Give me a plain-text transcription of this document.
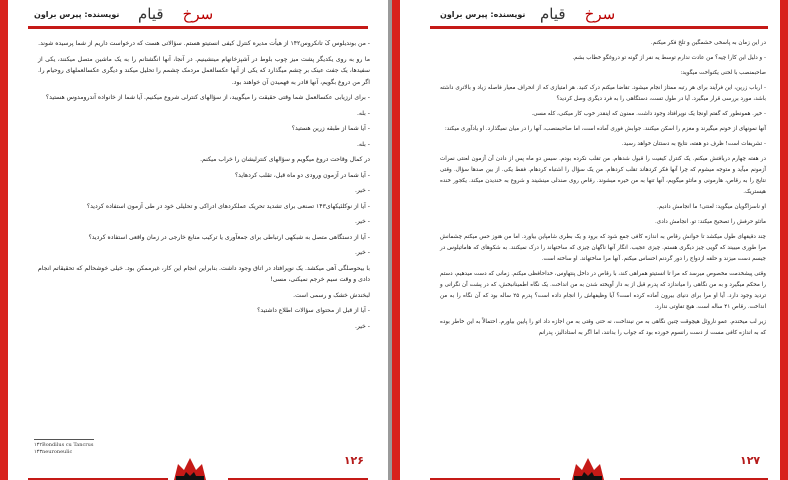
نویسنده: پیرس براون	سرخ    قیام

- من بوندیلوس کَ تانکروس۱۴۲ از هیأت مدیره کنترل کیفی انستیتو هستم. سؤالاتی هست که درخواست داریم از شما پرسیده شوند.

ما رو به روی یکدیگر پشت میز چوب بلوط در آشپزخانهام مینشینیم. در آنجا، آنها انگشتانم را به یک ماشین متصل میکنند، یکی از سفیدها، یک جفت عینک بر چشم میگذارد که یکی از آنها عکسالعمل مردمک چشمم را تحلیل میکند و دیگری عکسالعملهای روحیام را. اگر من دروغ بگویم، آنها قادر به فهمیدن آن خواهند بود.

- برای ارزیابی عکسالعمل شما وقتی حقیقت را میگویید، از سؤالهای کنترلی شروع میکنیم. آیا شما از خانواده آندرومدوس هستید؟

- بله.

- آیا شما از طبقه زرین هستید؟

- بله.

در کمال وقاحت دروغ میگویم و سؤالهای کنترلیشان را خراب میکنم.

- آیا شما در آزمون ورودی دو ماه قبل، تقلب کردهاید؟

- خیر.

- آیا از نوکلئیکهای۱۴۳ تصنعی برای تشدید تحریک عملکردهای ادراکی و تحلیلی خود در طی آزمون استفاده کردید؟

- خیر.

- آیا از دستگاهی متصل به شبکهی ارتباطی برای جمعآوری یا ترکیب منابع خارجی در زمان واقعی استفاده کردید؟

- خیر.

با بیحوصلگی آهی میکشد. یک نوپرافتاد در اتاق وجود داشت. بنابراین انجام این کار، غیرممکن بود. خیلی خوشحالم که تحقیقاتم انجام دادی و وقت سیم خرجم نمیکنی، مسی!

لبخندش خشک و رسمی است.

- آیا از قبل از محتوای سؤالات اطلاع داشتید؟

- خیر.

۱۴۲Bondilus cu Tancrus
۱۴۳neuroneulic
۱۲۶
نویسنده: پیرس براون	سرخ    قیام

در این زمان به پاسخی خشمگین و تلخ فکر میکنم.

- و دلیل این کارا چیه؟ من عادت ندارم توسط یه نفر از گونه تو دروغگو خطاب بشم.

صاحبمنصب با لحنی یکنواخت میگوید:

- ارباب زرین، این فرآیند برای هر رتبه ممتاز انجام میشود. تقاضا میکنم درک کنید. هر امتیازی که از انحراف معیار فاصله زیاد و بالاتری داشته باشد، مورد بررسی قرار میگیرد. آیا در طول تست، دستگاهی را به فرد دیگری وصل کردید؟

- خیر. همونطور که گفتم اونجا یک نوپرافتاد وجود داشت. ممنون که اینقدر خوب کار میکنی، کله مسی.

آنها نمونهای از خونم میگیرند و مغزم را اسکن میکنند. جوابش فوری آماده است، اما صاحبمنصب، آنها را در میان نمیگذارد. او یادآوری میکند:

- تشریفات است! ظرف دو هفته، نتایج به دستتان خواهد رسید.

در هفته چهارم دریافتش میکنم. یک کنترل کیفیت را قبول شدهام. من تقلب نکرده بودم. سیس دو ماه پس از دادن آن آزمون لعنتی نمرات آزمونم میآید و متوجه میشوم که چرا آنها فکر کردهاند تقلب کردهام. من یک سؤال را اشتباه کردهام. فقط یکی. از بین صدها سؤال. وقتی نتایج را به رقاص، هارمونی و ماتئو میگویم، آنها تنها به من خیره میشوند. رقاص روی صندلی مینشیند و شروع به خندیدن میکند. یکجور خنده هیستریک.

او ناسزاگویان میگوید: لعنتی! ما انجامش دادیم.

ماتئو حرفش را تصحیح میکند: تو. انجامش دادی.

چند دقیقهای طول میکشد تا خوانش رقاص به اندازه کافی جمع شود که برود و یک بطری شامپاین بیاورد. اما من هنوز حس میکنم چشمانش مرا طوری میبیند که گویی چیز دیگری هستم. چیزی عجیب. انگار آنها ناگهان چیزی که ساختهاند را درک نمیکنند. به شکوهای که هاماتیلوس در جیسم دست میزند و حلقه ازدواج را دور گردنم احساس میکنم. آنها مرا ساختهاند. او ساخته است.

وقتی پیشخدمت مخصوص میرسد که مرا تا انستیتو همراهی کند، با رقاص در داخل پنتهاوس، خداحافظی میکنم. زمانی که دست میدهیم، دستم را محکم میگیرد و به من نگاهی را میاندازد که پدرم قبل از به دار آویخته شدن به من انداخت. یک نگاه اطمینانبخش، که در پشت آن نگرانی و تردید وجود دارد. آیا او مرا برای دنیای بیرون آماده کرده است؟ آیا وظیفهاش را انجام داده است؟ پدرم ۲۵ ساله بود که آن نگاه را به من انداخت. رقاص ۴۱ ساله است. هیچ تفاوتی ندارد.

زیر لب میخندم. عمو ناروئل هیچوقت چنین نگاهی به من نینداخت، نه حتی وقتی به من اجازه داد اتو را پایین بیاورم. احتمالاً به این خاطر بوده که به اندازه کافی مست از دست رانسوم خورده بود که جواب را بدانند، اما اگر به استادالیز، پدرانم

۱۲۷
